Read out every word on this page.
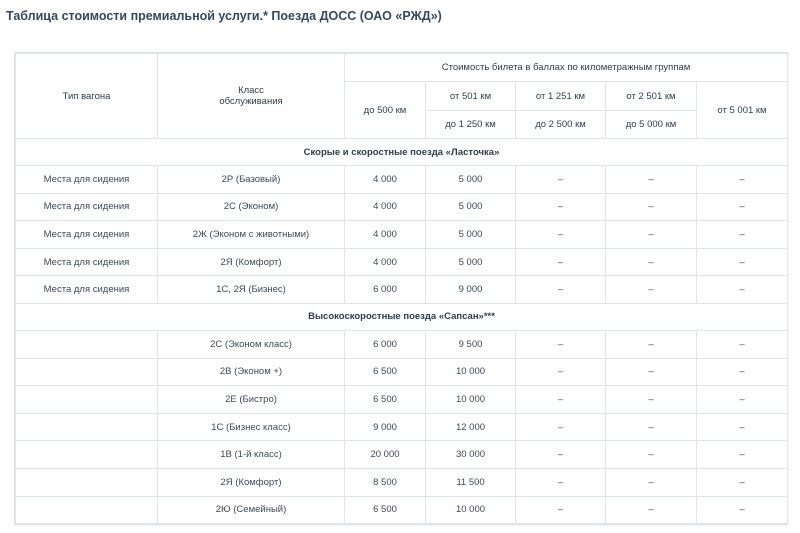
Таблица стоимости премиальной услуги.* Поезда ДОСС (ОАО «РЖД»)
Тип вагона	Класс
обслуживания	Стоимость билета в баллах по километражным группам				
		до 500 км	от 501 км	от 1 251 км	от 2 501 км	от 5 001 км
			до 1 250 км	до 2 500 км	до 5 000 км	
Скорые и скоростные поезда «Ласточка»						
Места для сидения	2Р (Базовый)	4 000	5 000	–	–	–
Места для сидения	2С (Эконом)	4 000	5 000	–	–	–
Места для сидения	2Ж (Эконом с животными)	4 000	5 000	–	–	–
Места для сидения	2Я (Комфорт)	4 000	5 000	–	–	–
Места для сидения	1С, 2Я (Бизнес)	6 000	9 000	–	–	–
Высокоскоростные поезда «Сапсан»***						
	2С (Эконом класс)	6 000	9 500	–	–	–
	2В (Эконом +)	6 500	10 000	–	–	–
	2Е (Бистро)	6 500	10 000	–	–	–
	1С (Бизнес класс)	9 000	12 000	–	–	–
	1В (1-й класс)	20 000	30 000	–	–	–
	2Я (Комфорт)	8 500	11 500	–	–	–
	2Ю (Семейный)	6 500	10 000	–	–	–
